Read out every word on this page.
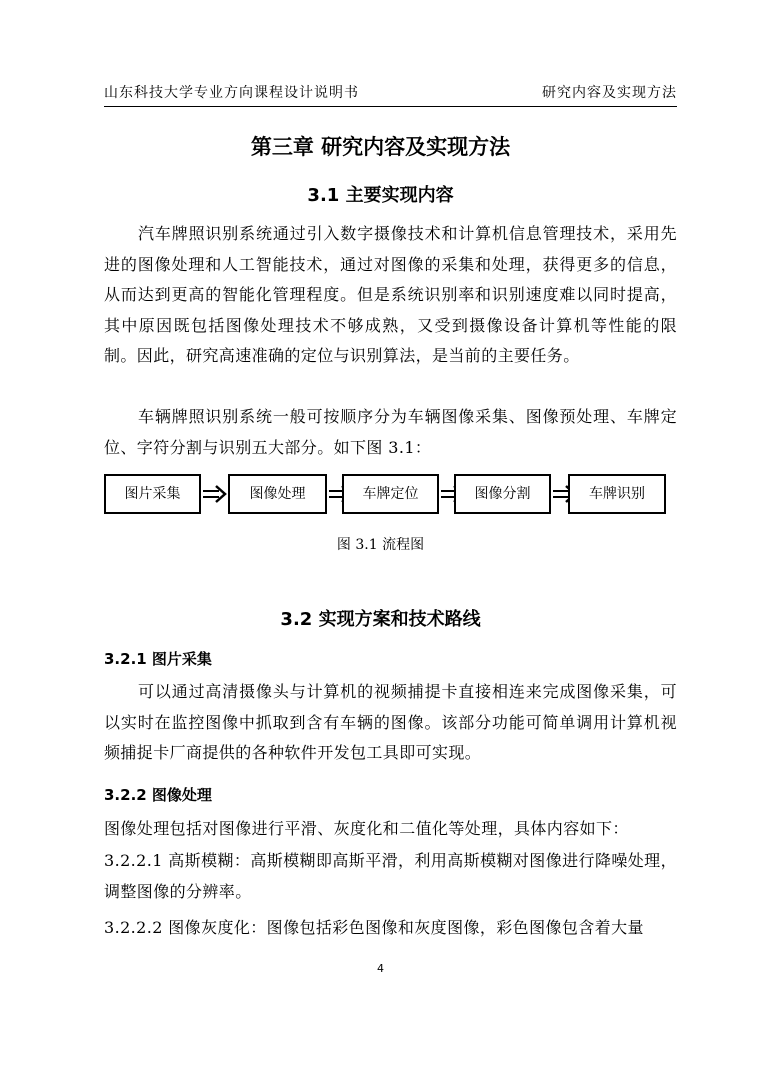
山东科技大学专业方向课程设计说明书	研究内容及实现方法
第三章 研究内容及实现方法
3.1 主要实现内容

汽车牌照识别系统通过引入数字摄像技术和计算机信息管理技术，采用先进的图像处理和人工智能技术，通过对图像的采集和处理，获得更多的信息，从而达到更高的智能化管理程度。但是系统识别率和识别速度难以同时提高，其中原因既包括图像处理技术不够成熟，又受到摄像设备计算机等性能的限制。因此，研究高速准确的定位与识别算法，是当前的主要任务。

车辆牌照识别系统一般可按顺序分为车辆图像采集、图像预处理、车牌定位、字符分割与识别五大部分。如下图 3.1：

图片采集	图像处理	车牌定位	图像分割	车牌识别
图 3.1 流程图
3.2 实现方案和技术路线
3.2.1 图片采集

可以通过高清摄像头与计算机的视频捕提卡直接相连来完成图像采集，可以实时在监控图像中抓取到含有车辆的图像。该部分功能可简单调用计算机视频捕捉卡厂商提供的各种软件开发包工具即可实现。

3.2.2 图像处理

图像处理包括对图像进行平滑、灰度化和二值化等处理，具体内容如下：

3.2.2.1 高斯模糊：高斯模糊即高斯平滑，利用高斯模糊对图像进行降噪处理，调整图像的分辨率。

3.2.2.2 图像灰度化：图像包括彩色图像和灰度图像，彩色图像包含着大量

4
